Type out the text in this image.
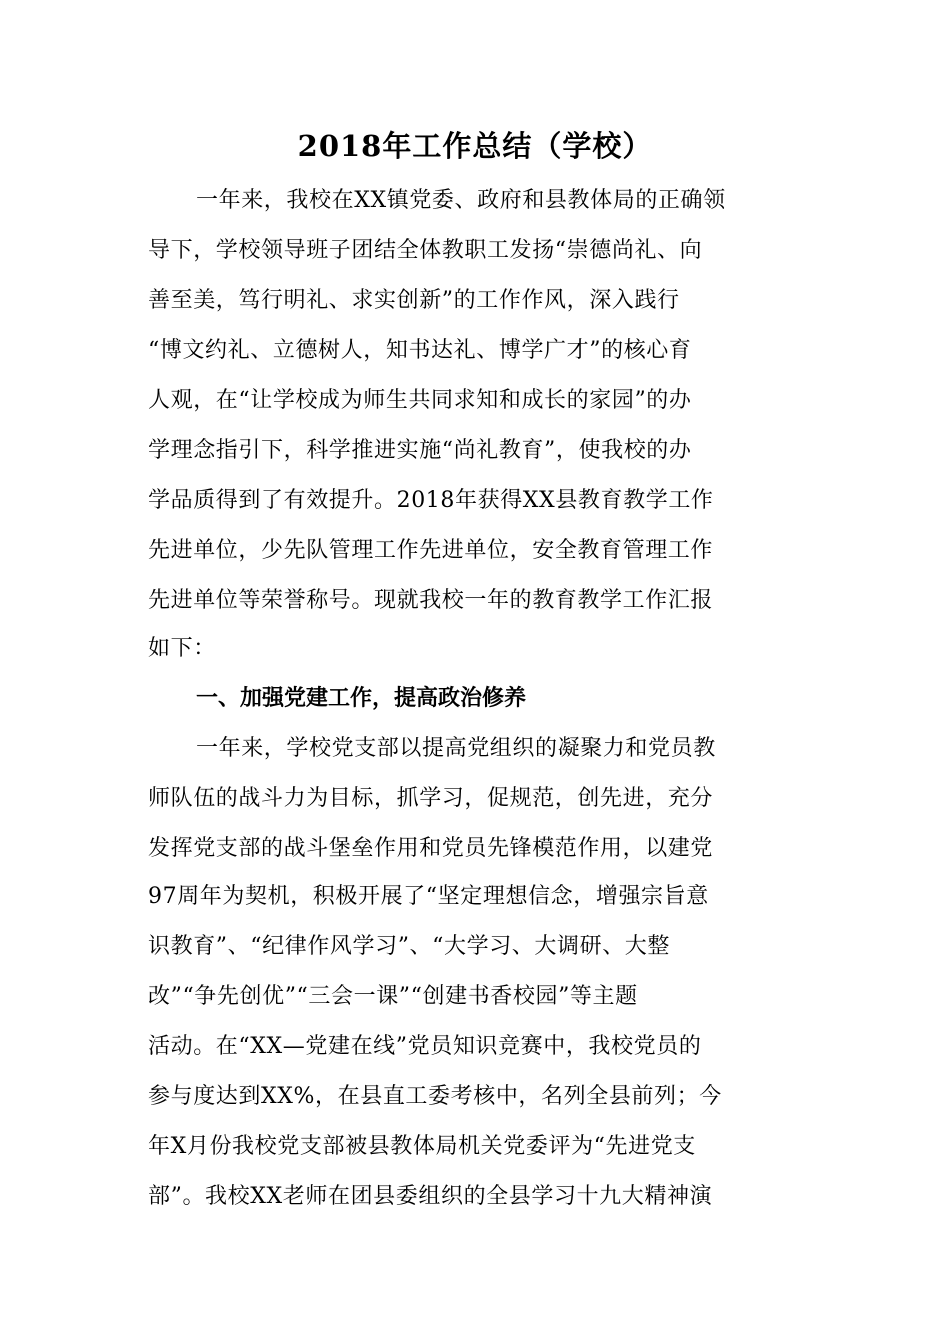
2018年工作总结（学校）
一年来，我校在XX镇党委、政府和县教体局的正确领
导下，学校领导班子团结全体教职工发扬“崇德尚礼、向
善至美，笃行明礼、求实创新”的工作作风，深入践行
“博文约礼、立德树人，知书达礼、博学广才”的核心育
人观，在“让学校成为师生共同求知和成长的家园”的办
学理念指引下，科学推进实施“尚礼教育”，使我校的办
学品质得到了有效提升。2018年获得XX县教育教学工作
先进单位，少先队管理工作先进单位，安全教育管理工作
先进单位等荣誉称号。现就我校一年的教育教学工作汇报
如下：
一、加强党建工作，提高政治修养
一年来，学校党支部以提高党组织的凝聚力和党员教
师队伍的战斗力为目标，抓学习，促规范，创先进，充分
发挥党支部的战斗堡垒作用和党员先锋模范作用，以建党
97周年为契机，积极开展了“坚定理想信念，增强宗旨意
识教育”、“纪律作风学习”、“大学习、大调研、大整
改”“争先创优”“三会一课”“创建书香校园”等主题
活动。在“XX—党建在线”党员知识竞赛中，我校党员的
参与度达到XX%，在县直工委考核中，名列全县前列；今
年X月份我校党支部被县教体局机关党委评为“先进党支
部”。我校XX老师在团县委组织的全县学习十九大精神演
